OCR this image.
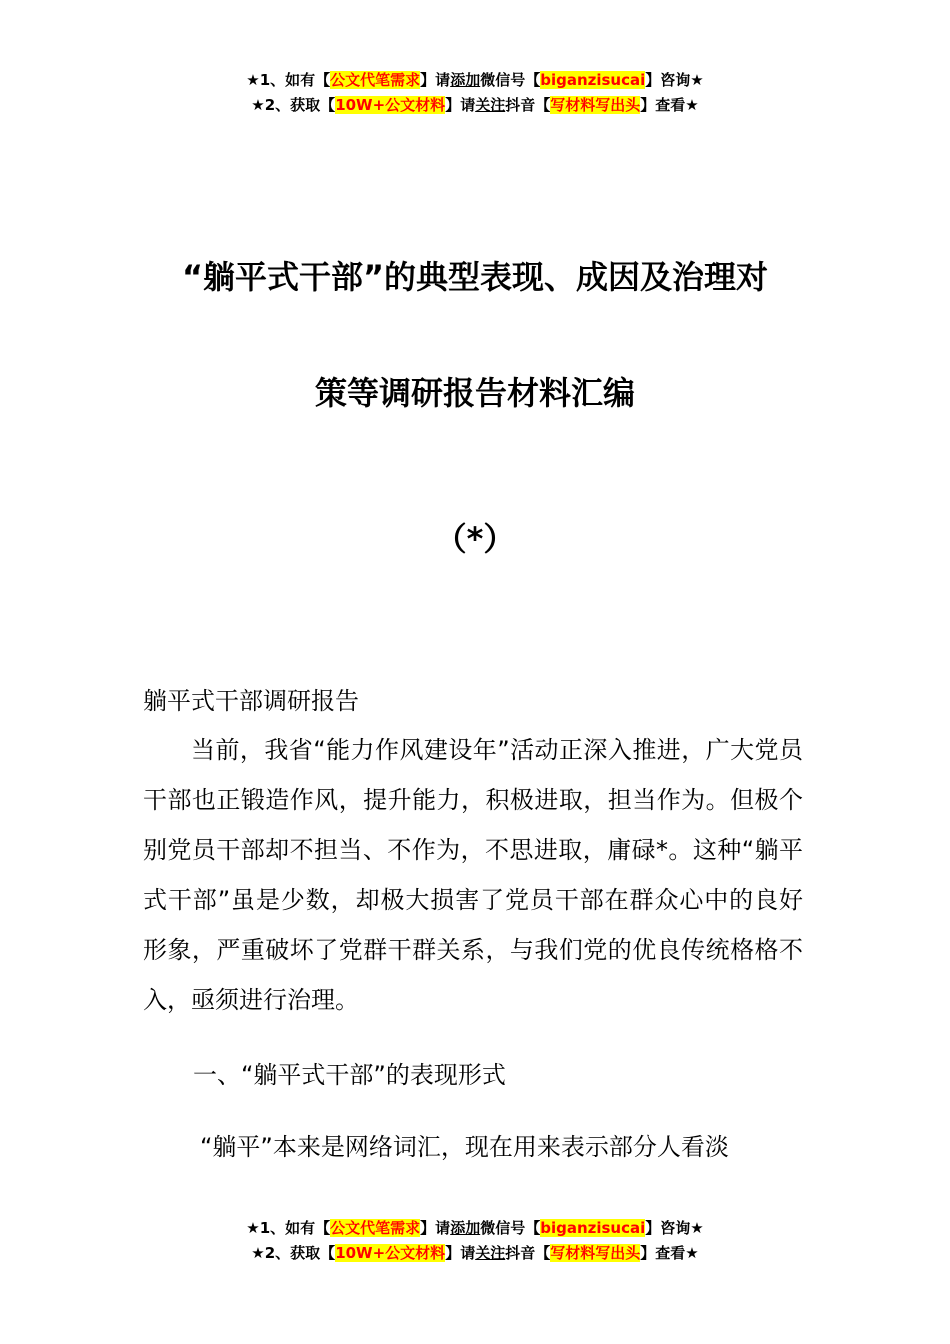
★1、如有【公文代笔需求】请添加微信号【biganzisucai】咨询★
★2、获取【10W+公文材料】请关注抖音【写材料写出头】查看★
“躺平式干部”的典型表现、成因及治理对
策等调研报告材料汇编
（*）
躺平式干部调研报告
当前，我省“能力作风建设年”活动正深入推进，广大党员干部也正锻造作风，提升能力，积极进取，担当作为。但极个别党员干部却不担当、不作为，不思进取，庸碌*。这种“躺平式干部”虽是少数，却极大损害了党员干部在群众心中的良好形象，严重破坏了党群干群关系，与我们党的优良传统格格不入，亟须进行治理。
一、“躺平式干部”的表现形式
“躺平”本来是网络词汇，现在用来表示部分人看淡
★1、如有【公文代笔需求】请添加微信号【biganzisucai】咨询★
★2、获取【10W+公文材料】请关注抖音【写材料写出头】查看★
